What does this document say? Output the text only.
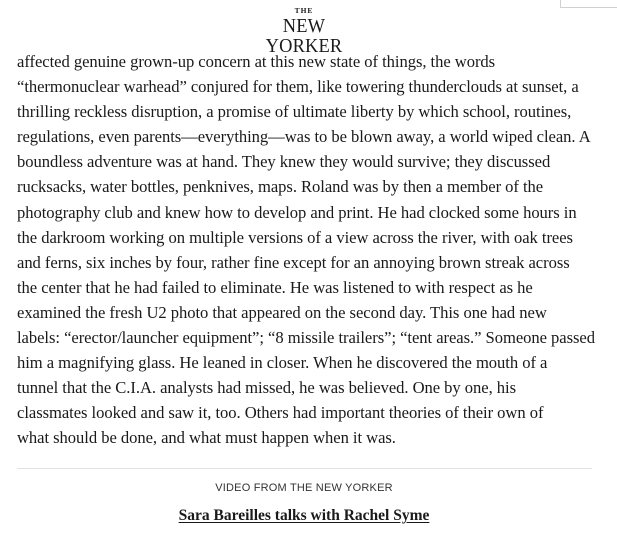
THE
NEW YORKER
affected genuine grown-up concern at this new state of things, the words
“thermonuclear warhead” conjured for them, like towering thunderclouds at sunset, a
thrilling reckless disruption, a promise of ultimate liberty by which school, routines,
regulations, even parents—everything—was to be blown away, a world wiped clean. A
boundless adventure was at hand. They knew they would survive; they discussed
rucksacks, water bottles, penknives, maps. Roland was by then a member of the
photography club and knew how to develop and print. He had clocked some hours in
the darkroom working on multiple versions of a view across the river, with oak trees
and ferns, six inches by four, rather fine except for an annoying brown streak across
the center that he had failed to eliminate. He was listened to with respect as he
examined the fresh U2 photo that appeared on the second day. This one had new
labels: “erector/launcher equipment”; “8 missile trailers”; “tent areas.” Someone passed
him a magnifying glass. He leaned in closer. When he discovered the mouth of a
tunnel that the C.I.A. analysts had missed, he was believed. One by one, his
classmates looked and saw it, too. Others had important theories of their own of
what should be done, and what must happen when it was.
VIDEO FROM THE NEW YORKER
Sara Bareilles talks with Rachel Syme
